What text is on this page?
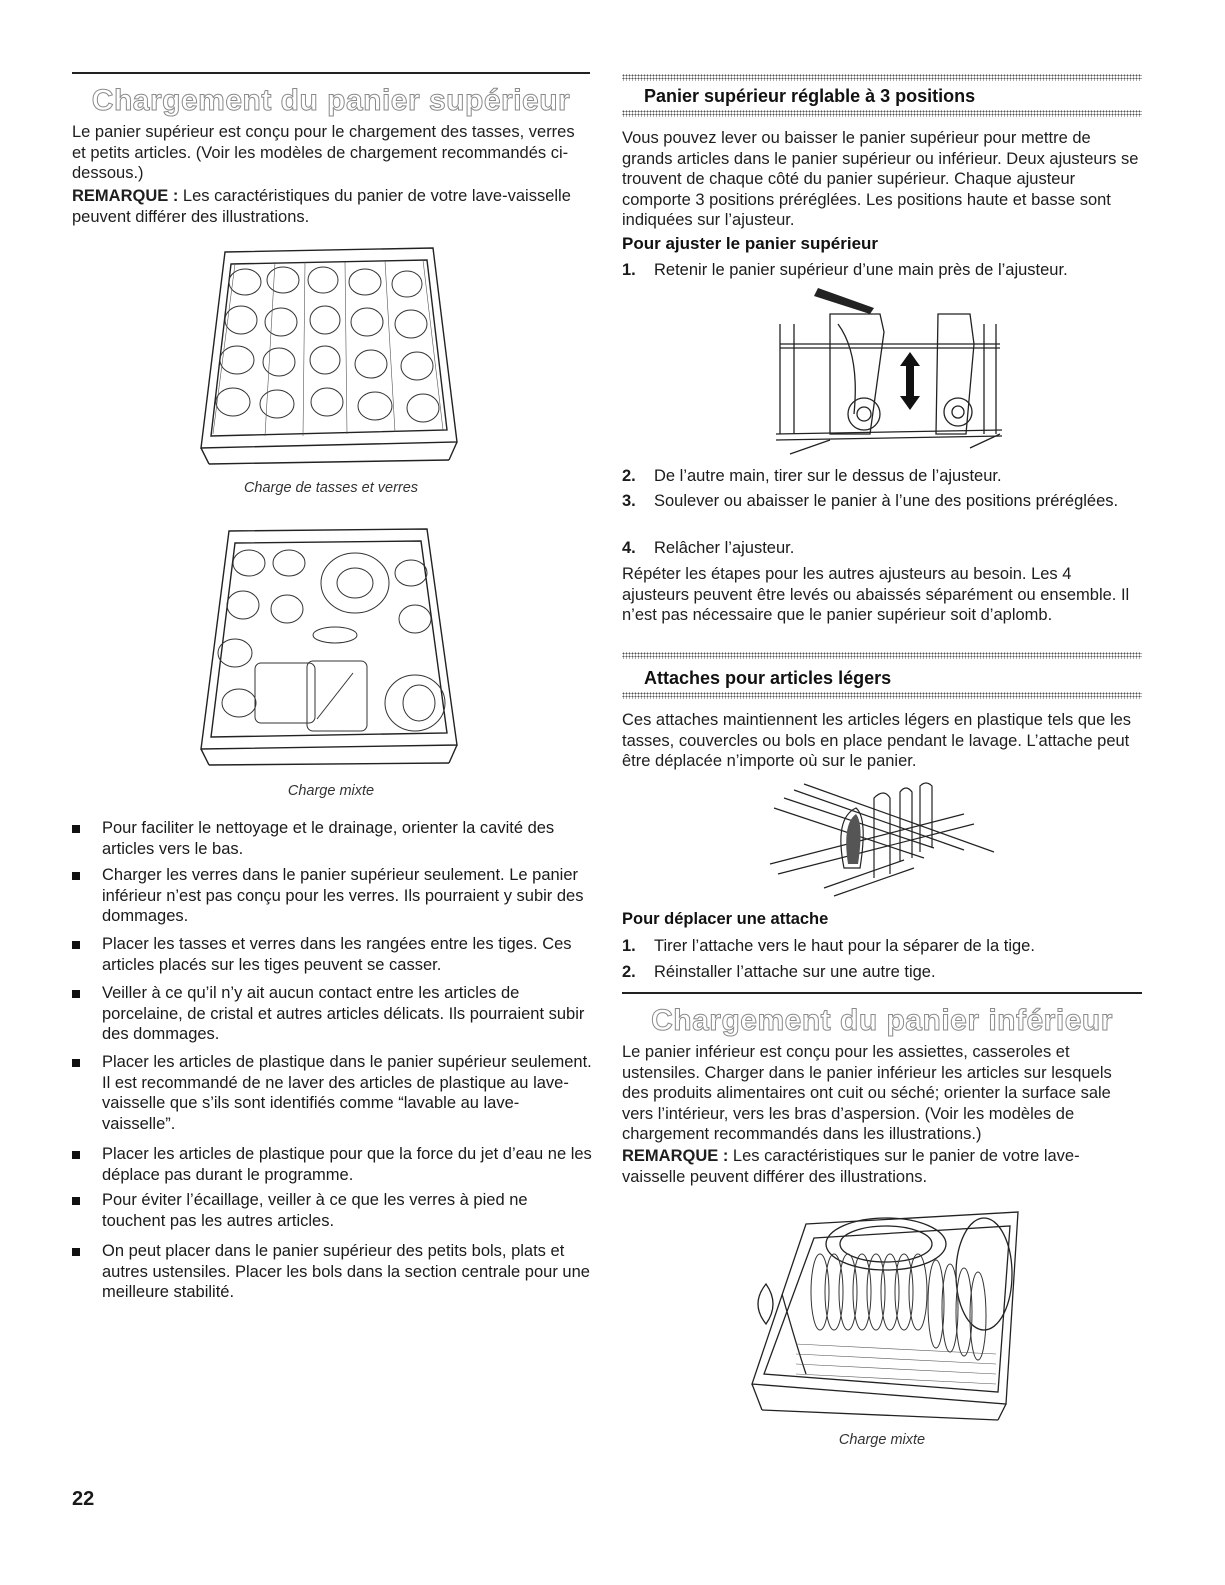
Chargement du panier supérieur

Le panier supérieur est conçu pour le chargement des tasses, verres et petits articles. (Voir les modèles de chargement recommandés ci-dessous.)

REMARQUE : Les caractéristiques du panier de votre lave-vaisselle peuvent différer des illustrations.

Charge de tasses et verres

Charge mixte

Pour faciliter le nettoyage et le drainage, orienter la cavité des articles vers le bas.
Charger les verres dans le panier supérieur seulement. Le panier inférieur n’est pas conçu pour les verres. Ils pourraient y subir des dommages.
Placer les tasses et verres dans les rangées entre les tiges. Ces articles placés sur les tiges peuvent se casser.
Veiller à ce qu’il n’y ait aucun contact entre les articles de porcelaine, de cristal et autres articles délicats. Ils pourraient subir des dommages.
Placer les articles de plastique dans le panier supérieur seulement. Il est recommandé de ne laver des articles de plastique au lave-vaisselle que s’ils sont identifiés comme “lavable au lave-vaisselle”.
Placer les articles de plastique pour que la force du jet d’eau ne les déplace pas durant le programme.
Pour éviter l’écaillage, veiller à ce que les verres à pied ne touchent pas les autres articles.
On peut placer dans le panier supérieur des petits bols, plats et autres ustensiles. Placer les bols dans la section centrale pour une meilleure stabilité.
Panier supérieur réglable à 3 positions

Vous pouvez lever ou baisser le panier supérieur pour mettre de grands articles dans le panier supérieur ou inférieur. Deux ajusteurs se trouvent de chaque côté du panier supérieur. Chaque ajusteur comporte 3 positions préréglées. Les positions haute et basse sont indiquées sur l’ajusteur.

Pour ajuster le panier supérieur
1. Retenir le panier supérieur d’une main près de l’ajusteur.
2. De l’autre main, tirer sur le dessus de l’ajusteur.
3. Soulever ou abaisser le panier à l’une des positions préréglées.
4. Relâcher l’ajusteur.

Répéter les étapes pour les autres ajusteurs au besoin. Les 4 ajusteurs peuvent être levés ou abaissés séparément ou ensemble. Il n’est pas nécessaire que le panier supérieur soit d’aplomb.

Attaches pour articles légers

Ces attaches maintiennent les articles légers en plastique tels que les tasses, couvercles ou bols en place pendant le lavage. L’attache peut être déplacée n’importe où sur le panier.

Pour déplacer une attache
1. Tirer l’attache vers le haut pour la séparer de la tige.
2. Réinstaller l’attache sur une autre tige.
Chargement du panier inférieur

Le panier inférieur est conçu pour les assiettes, casseroles et ustensiles. Charger dans le panier inférieur les articles sur lesquels des produits alimentaires ont cuit ou séché; orienter la surface sale vers l’intérieur, vers les bras d’aspersion. (Voir les modèles de chargement recommandés dans les illustrations.)

REMARQUE : Les caractéristiques sur le panier de votre lave-vaisselle peuvent différer des illustrations.

Charge mixte

22
